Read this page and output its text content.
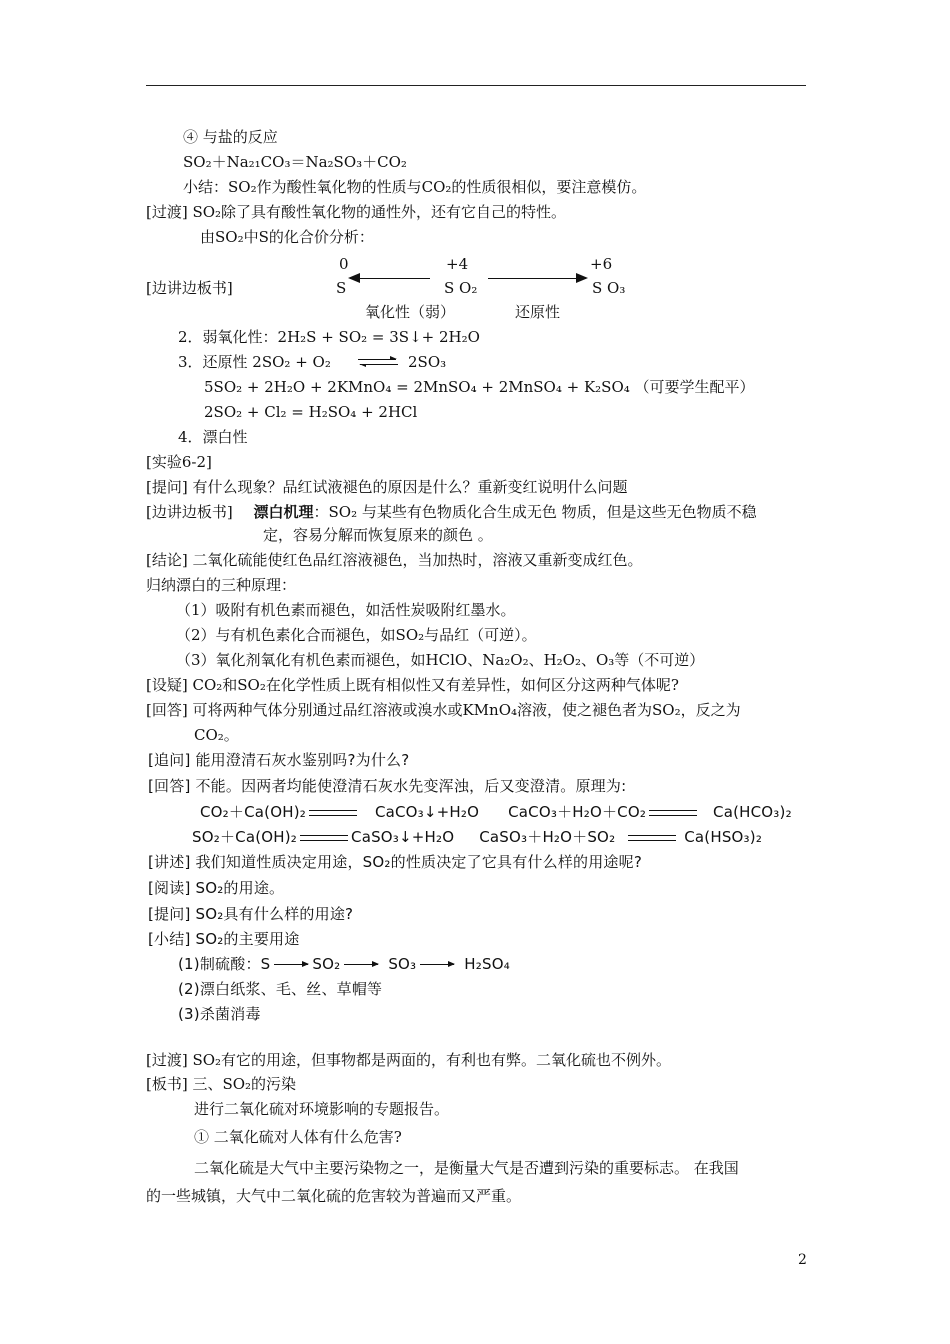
④ 与盐的反应
SO₂＋Na₂₁CO₃＝Na₂SO₃＋CO₂
小结：SO₂作为酸性氧化物的性质与CO₂的性质很相似，要注意模仿。
[过渡] SO₂除了具有酸性氧化物的通性外，还有它自己的特性。
由SO₂中S的化合价分析：
0	+4	+6
[边讲边板书]	S	S O₂	S O₃
氧化性（弱）	还原性
2．弱氧化性：2H₂S + SO₂ = 3S↓+ 2H₂O
3．还原性 2SO₂ + O₂ ⇌ 2SO₃
5SO₂ + 2H₂O + 2KMnO₄ = 2MnSO₄ + 2MnSO₄ + K₂SO₄ （可要学生配平）
2SO₂ + Cl₂ = H₂SO₄ + 2HCl
4．漂白性
[实验6-2]
[提问] 有什么现象？品红试液褪色的原因是什么？重新变红说明什么问题
[边讲边板书] 漂白机理：SO₂ 与某些有色物质化合生成无色 物质，但是这些无色物质不稳
定，容易分解而恢复原来的颜色 。
[结论] 二氧化硫能使红色品红溶液褪色，当加热时，溶液又重新变成红色。
归纳漂白的三种原理：
（1）吸附有机色素而褪色，如活性炭吸附红墨水。
（2）与有机色素化合而褪色，如SO₂与品红（可逆）。
（3）氧化剂氧化有机色素而褪色，如HClO、Na₂O₂、H₂O₂、O₃等（不可逆）
[设疑] CO₂和SO₂在化学性质上既有相似性又有差异性，如何区分这两种气体呢?
[回答] 可将两种气体分别通过品红溶液或溴水或KMnO₄溶液，使之褪色者为SO₂，反之为
CO₂。
[追问] 能用澄清石灰水鉴别吗?为什么?
[回答] 不能。因两者均能使澄清石灰水先变浑浊，后又变澄清。原理为:
CO₂＋Ca(OH)₂	CaCO₃↓+H₂O CaCO₃＋H₂O＋CO₂	Ca(HCO₃)₂
SO₂＋Ca(OH)₂	CaSO₃↓+H₂O CaSO₃＋H₂O＋SO₂	Ca(HSO₃)₂
[讲述] 我们知道性质决定用途，SO₂的性质决定了它具有什么样的用途呢?
[阅读] SO₂的用途。
[提问] SO₂具有什么样的用途?
[小结] SO₂的主要用途
(1)制硫酸：S	SO₂	SO₃	H₂SO₄
(2)漂白纸浆、毛、丝、草帽等
(3)杀菌消毒
[过渡] SO₂有它的用途，但事物都是两面的，有利也有弊。二氧化硫也不例外。
[板书] 三、SO₂的污染
进行二氧化硫对环境影响的专题报告。
① 二氧化硫对人体有什么危害?
二氧化硫是大气中主要污染物之一，是衡量大气是否遭到污染的重要标志。 在我国
的一些城镇，大气中二氧化硫的危害较为普遍而又严重。
2
